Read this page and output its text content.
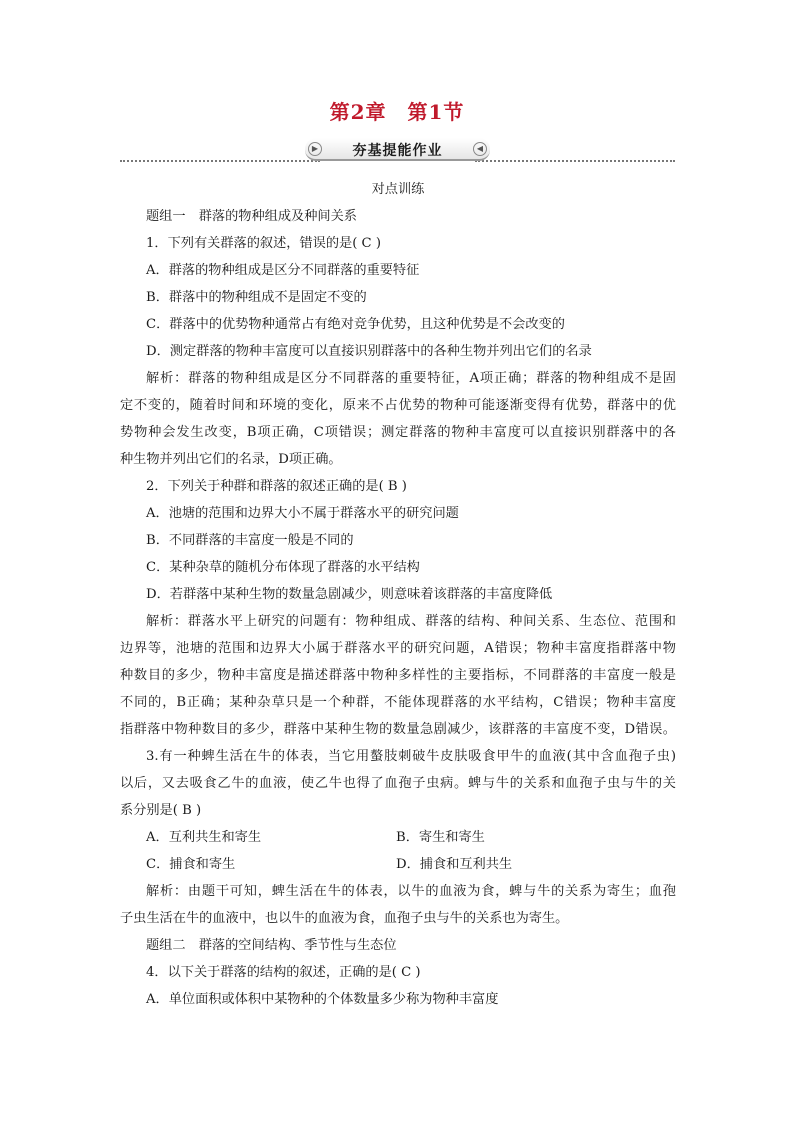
第2章　第1节
▶	夯基提能作业	◀
对点训练
题组一　群落的物种组成及种间关系
1．下列有关群落的叙述，错误的是( C )
A．群落的物种组成是区分不同群落的重要特征
B．群落中的物种组成不是固定不变的
C．群落中的优势物种通常占有绝对竞争优势，且这种优势是不会改变的
D．测定群落的物种丰富度可以直接识别群落中的各种生物并列出它们的名录
解析：群落的物种组成是区分不同群落的重要特征，A项正确；群落的物种组成不是固
定不变的，随着时间和环境的变化，原来不占优势的物种可能逐渐变得有优势，群落中的优
势物种会发生改变，B项正确，C项错误；测定群落的物种丰富度可以直接识别群落中的各
种生物并列出它们的名录，D项正确。
2．下列关于种群和群落的叙述正确的是( B )
A．池塘的范围和边界大小不属于群落水平的研究问题
B．不同群落的丰富度一般是不同的
C．某种杂草的随机分布体现了群落的水平结构
D．若群落中某种生物的数量急剧减少，则意味着该群落的丰富度降低
解析：群落水平上研究的问题有：物种组成、群落的结构、种间关系、生态位、范围和
边界等，池塘的范围和边界大小属于群落水平的研究问题，A错误；物种丰富度指群落中物
种数目的多少，物种丰富度是描述群落中物种多样性的主要指标，不同群落的丰富度一般是
不同的，B正确；某种杂草只是一个种群，不能体现群落的水平结构，C错误；物种丰富度
指群落中物种数目的多少，群落中某种生物的数量急剧减少，该群落的丰富度不变，D错误。
3.有一种蜱生活在牛的体表，当它用螯肢刺破牛皮肤吸食甲牛的血液(其中含血孢子虫)
以后，又去吸食乙牛的血液，使乙牛也得了血孢子虫病。蜱与牛的关系和血孢子虫与牛的关
系分别是( B )
A．互利共生和寄生	B．寄生和寄生
C．捕食和寄生	D．捕食和互利共生
解析：由题干可知，蜱生活在牛的体表，以牛的血液为食，蜱与牛的关系为寄生；血孢
子虫生活在牛的血液中，也以牛的血液为食，血孢子虫与牛的关系也为寄生。
题组二　群落的空间结构、季节性与生态位
4．以下关于群落的结构的叙述，正确的是( C )
A．单位面积或体积中某物种的个体数量多少称为物种丰富度
